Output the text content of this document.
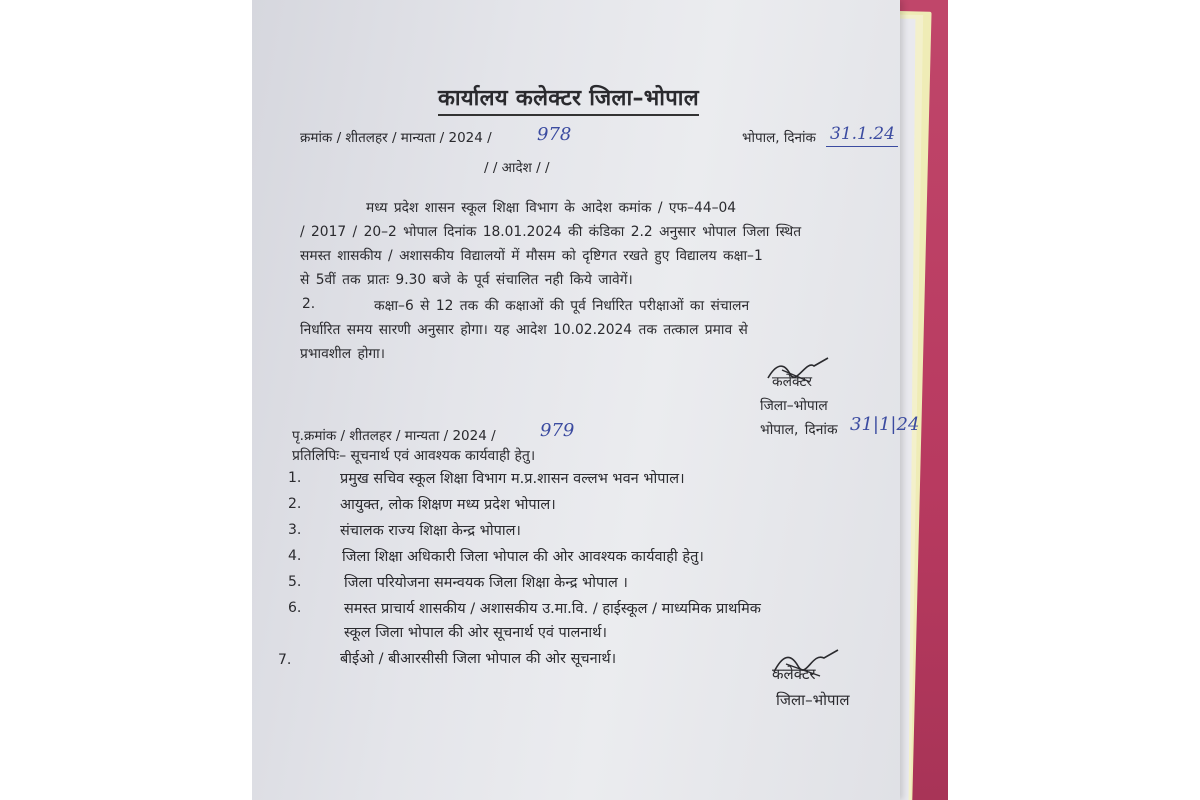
कार्यालय कलेक्टर जिला–भोपाल
क्रमांक / शीतलहर / मान्यता / 2024 /	978	भोपाल, दिनांक 31.1.24
/ / आदेश / /
मध्य प्रदेश शासन स्कूल शिक्षा विभाग के आदेश कमांक / एफ–44–04
/ 2017 / 20–2 भोपाल दिनांक 18.01.2024 की कंडिका 2.2 अनुसार भोपाल जिला स्थित
समस्त शासकीय / अशासकीय विद्यालयों में मौसम को दृष्टिगत रखते हुए विद्यालय कक्षा–1
से 5वीं तक प्रातः 9.30 बजे के पूर्व संचालित नही किये जावेगें।
2.	कक्षा–6 से 12 तक की कक्षाओं की पूर्व निर्धारित परीक्षाओं का संचालन
निर्धारित समय सारणी अनुसार होगा। यह आदेश 10.02.2024 तक तत्काल प्रमाव से
प्रभावशील होगा।
कलेक्टर
जिला–भोपाल
भोपाल, दिनांक 31|1|24
पृ.क्रमांक / शीतलहर / मान्यता / 2024 / 979
प्रतिलिपिः– सूचनार्थ एवं आवश्यक कार्यवाही हेतु।
1.	प्रमुख सचिव स्कूल शिक्षा विभाग म.प्र.शासन वल्लभ भवन भोपाल।
2.	आयुक्त, लोक शिक्षण मध्य प्रदेश भोपाल।
3.	संचालक राज्य शिक्षा केन्द्र भोपाल।
4.	जिला शिक्षा अधिकारी जिला भोपाल की ओर आवश्यक कार्यवाही हेतु।
5.	जिला परियोजना समन्वयक जिला शिक्षा केन्द्र भोपाल ।
6.	समस्त प्राचार्य शासकीय / अशासकीय उ.मा.वि. / हाईस्कूल / माध्यमिक प्राथमिक
स्कूल जिला भोपाल की ओर सूचनार्थ एवं पालनार्थ।
7.	बीईओ / बीआरसीसी जिला भोपाल की ओर सूचनार्थ।
कलेक्टर
जिला–भोपाल
